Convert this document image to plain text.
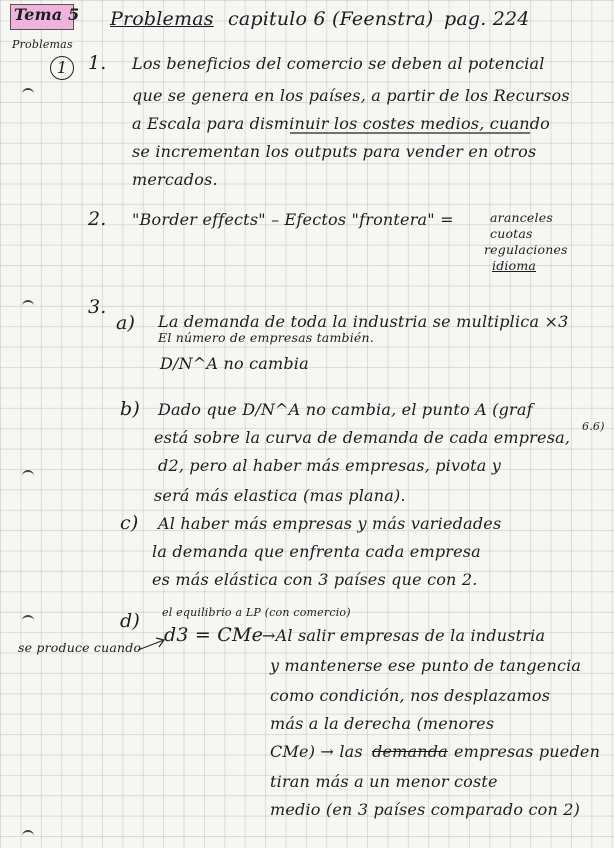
Tema 5
Problemas
Problemas capitulo 6 (Feenstra) pag. 224
1	1. Los beneficios del comercio se deben al potencial
que se genera en los países, a partir de los Recursos
a Escala para disminuir los costes medios, cuando
se incrementan los outputs para vender en otros
mercados.
2. "Border effects" – Efectos "frontera" =	aranceles
cuotas
regulaciones
idioma
3.
a) La demanda de toda la industria se multiplica ×3
El número de empresas también.
D/N^A no cambia
b) Dado que D/N^A no cambia, el punto A (graf
6.6)
está sobre la curva de demanda de cada empresa,
d2, pero al haber más empresas, pivota y
será más elastica (mas plana).
c) Al haber más empresas y más variedades
la demanda que enfrenta cada empresa
es más elástica con 3 países que con 2.
d) el equilibrio a LP (con comercio)
d3 = CMe
→Al salir empresas de la industria
y mantenerse ese punto de tangencia
como condición, nos desplazamos
más a la derecha (menores
CMe) → las demanda empresas pueden
tiran más a un menor coste
medio (en 3 países comparado con 2)
se produce cuando
